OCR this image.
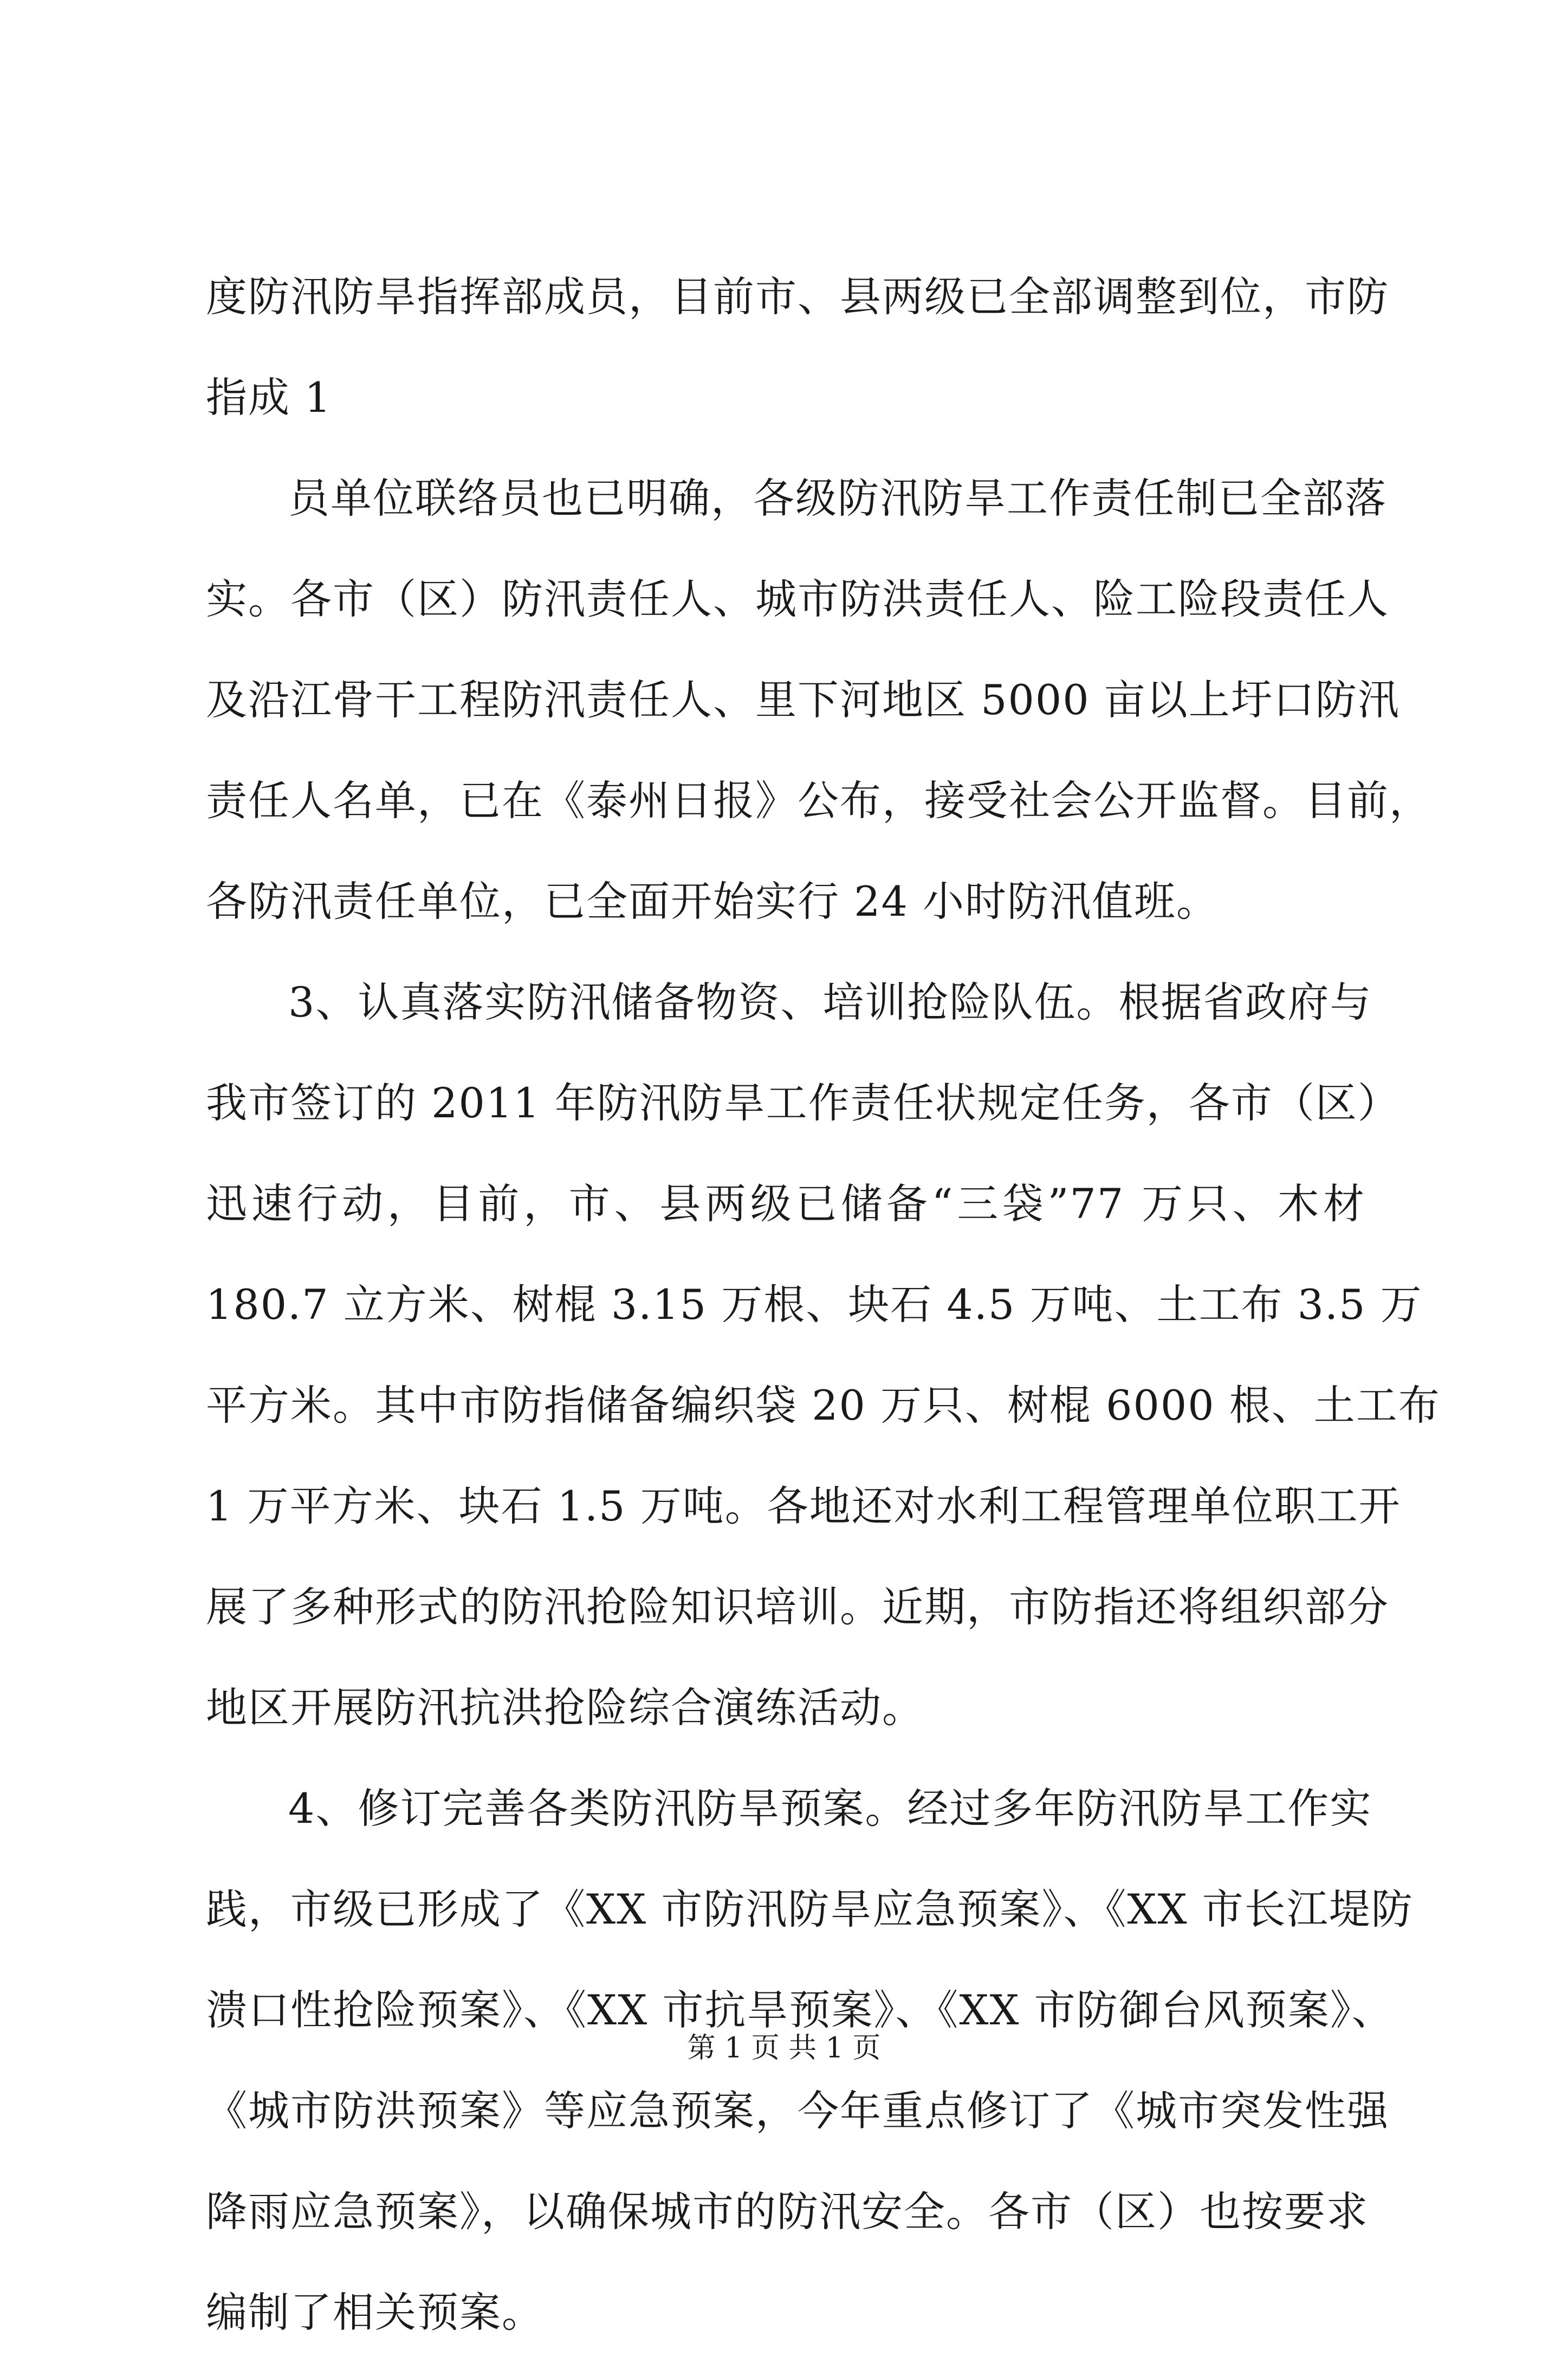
度防汛防旱指挥部成员，目前市、县两级已全部调整到位，市防
指成 1
员单位联络员也已明确，各级防汛防旱工作责任制已全部落
实。各市（区）防汛责任人、城市防洪责任人、险工险段责任人
及沿江骨干工程防汛责任人、里下河地区 5000 亩以上圩口防汛
责任人名单，已在《泰州日报》公布，接受社会公开监督。目前，
各防汛责任单位，已全面开始实行 24 小时防汛值班。
3、认真落实防汛储备物资、培训抢险队伍。根据省政府与
我市签订的 2011 年防汛防旱工作责任状规定任务，各市（区）
迅速行动，目前，市、县两级已储备“三袋”77 万只、木材
180.7 立方米、树棍 3.15 万根、块石 4.5 万吨、土工布 3.5 万
平方米。其中市防指储备编织袋 20 万只、树棍 6000 根、土工布
1 万平方米、块石 1.5 万吨。各地还对水利工程管理单位职工开
展了多种形式的防汛抢险知识培训。近期，市防指还将组织部分
地区开展防汛抗洪抢险综合演练活动。
4、修订完善各类防汛防旱预案。经过多年防汛防旱工作实
践，市级已形成了《XX 市防汛防旱应急预案》、《XX 市长江堤防
溃口性抢险预案》、《XX 市抗旱预案》、《XX 市防御台风预案》、
《城市防洪预案》等应急预案，今年重点修订了《城市突发性强
降雨应急预案》，以确保城市的防汛安全。各市（区）也按要求
编制了相关预案。
第 1 页 共 1 页
